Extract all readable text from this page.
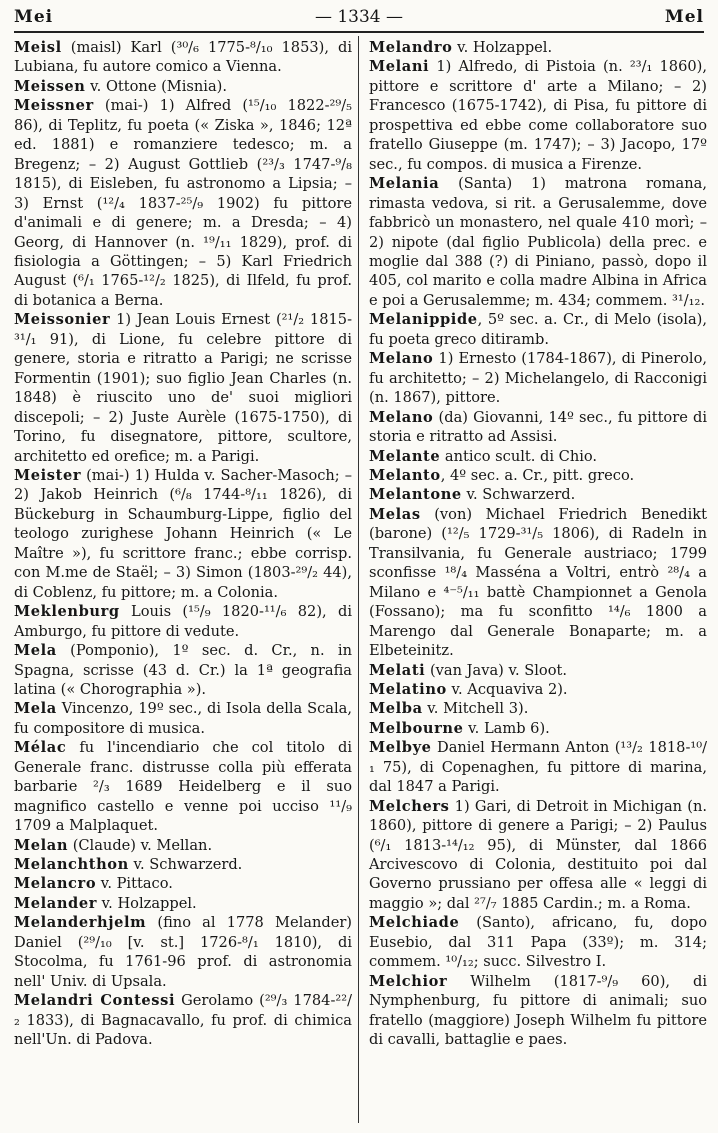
Mei	— 1334 —	Mel

Meisl (maisl) Karl (³⁰/₆ 1775-⁸/₁₀ 1853), di Lubiana, fu autore comico a Vienna.

Meissen v. Ottone (Misnia).

Meissner (mai-) 1) Alfred (¹⁵/₁₀ 1822-²⁹/₅ 86), di Teplitz, fu poeta (« Ziska », 1846; 12ª ed. 1881) e romanziere tedesco; m. a Bregenz; – 2) August Gottlieb (²³/₃ 1747-⁹/₈ 1815), di Eisleben, fu astronomo a Lipsia; – 3) Ernst (¹²/₄ 1837-²⁵/₉ 1902) fu pittore d'animali e di genere; m. a Dresda; – 4) Georg, di Hannover (n. ¹⁹/₁₁ 1829), prof. di fisiologia a Göttingen; – 5) Karl Friedrich August (⁶/₁ 1765-¹²/₂ 1825), di Ilfeld, fu prof. di botanica a Berna.

Meissonier 1) Jean Louis Ernest (²¹/₂ 1815-³¹/₁ 91), di Lione, fu celebre pittore di genere, storia e ritratto a Parigi; ne scrisse Formentin (1901); suo figlio Jean Charles (n. 1848) è riuscito uno de' suoi migliori discepoli; – 2) Juste Aurèle (1675-1750), di Torino, fu disegnatore, pittore, scultore, architetto ed orefice; m. a Parigi.

Meister (mai-) 1) Hulda v. Sacher-Masoch; – 2) Jakob Heinrich (⁶/₈ 1744-⁸/₁₁ 1826), di Bückeburg in Schaumburg-Lippe, figlio del teologo zurighese Johann Heinrich (« Le Maître »), fu scrittore franc.; ebbe corrisp. con M.me de Staël; – 3) Simon (1803-²⁹/₂ 44), di Coblenz, fu pittore; m. a Colonia.

Meklenburg Louis (¹⁵/₉ 1820-¹¹/₆ 82), di Amburgo, fu pittore di vedute.

Mela (Pomponio), 1º sec. d. Cr., n. in Spagna, scrisse (43 d. Cr.) la 1ª geografia latina (« Chorographia »).

Mela Vincenzo, 19º sec., di Isola della Scala, fu compositore di musica.

Mélac fu l'incendiario che col titolo di Generale franc. distrusse colla più efferata barbarie ²/₃ 1689 Heidelberg e il suo magnifico castello e venne poi ucciso ¹¹/₉ 1709 a Malplaquet.

Melan (Claude) v. Mellan.

Melanchthon v. Schwarzerd.

Melancro v. Pittaco.

Melander v. Holzappel.

Melanderhjelm (fino al 1778 Melander) Daniel (²⁹/₁₀ [v. st.] 1726-⁸/₁ 1810), di Stocolma, fu 1761-96 prof. di astronomia nell' Univ. di Upsala.

Melandri Contessi Gerolamo (²⁹/₃ 1784-²²/₂ 1833), di Bagnacavallo, fu prof. di chimica nell'Un. di Padova.

Melandro v. Holzappel.

Melani 1) Alfredo, di Pistoia (n. ²³/₁ 1860), pittore e scrittore d' arte a Milano; – 2) Francesco (1675-1742), di Pisa, fu pittore di prospettiva ed ebbe come collaboratore suo fratello Giuseppe (m. 1747); – 3) Jacopo, 17º sec., fu compos. di musica a Firenze.

Melania (Santa) 1) matrona romana, rimasta vedova, si rit. a Gerusalemme, dove fabbricò un monastero, nel quale 410 morì; – 2) nipote (dal figlio Publicola) della prec. e moglie dal 388 (?) di Piniano, passò, dopo il 405, col marito e colla madre Albina in Africa e poi a Gerusalemme; m. 434; commem. ³¹/₁₂.

Melanippide, 5º sec. a. Cr., di Melo (isola), fu poeta greco ditiramb.

Melano 1) Ernesto (1784-1867), di Pinerolo, fu architetto; – 2) Michelangelo, di Racconigi (n. 1867), pittore.

Melano (da) Giovanni, 14º sec., fu pittore di storia e ritratto ad Assisi.

Melante antico scult. di Chio.

Melanto, 4º sec. a. Cr., pitt. greco.

Melantone v. Schwarzerd.

Melas (von) Michael Friedrich Benedikt (barone) (¹²/₅ 1729-³¹/₅ 1806), di Radeln in Transilvania, fu Generale austriaco; 1799 sconfisse ¹⁸/₄ Masséna a Voltri, entrò ²⁸/₄ a Milano e ⁴⁻⁵/₁₁ battè Championnet a Genola (Fossano); ma fu sconfitto ¹⁴/₆ 1800 a Marengo dal Generale Bonaparte; m. a Elbeteinitz.

Melati (van Java) v. Sloot.

Melatino v. Acquaviva 2).

Melba v. Mitchell 3).

Melbourne v. Lamb 6).

Melbye Daniel Hermann Anton (¹³/₂ 1818-¹⁰/₁ 75), di Copenaghen, fu pittore di marina, dal 1847 a Parigi.

Melchers 1) Gari, di Detroit in Michigan (n. 1860), pittore di genere a Parigi; – 2) Paulus (⁶/₁ 1813-¹⁴/₁₂ 95), di Münster, dal 1866 Arcivescovo di Colonia, destituito poi dal Governo prussiano per offesa alle « leggi di maggio »; dal ²⁷/₇ 1885 Cardin.; m. a Roma.

Melchiade (Santo), africano, fu, dopo Eusebio, dal 311 Papa (33º); m. 314; commem. ¹⁰/₁₂; succ. Silvestro I.

Melchior Wilhelm (1817-⁹/₉ 60), di Nymphenburg, fu pittore di animali; suo fratello (maggiore) Joseph Wilhelm fu pittore di cavalli, battaglie e paes.
